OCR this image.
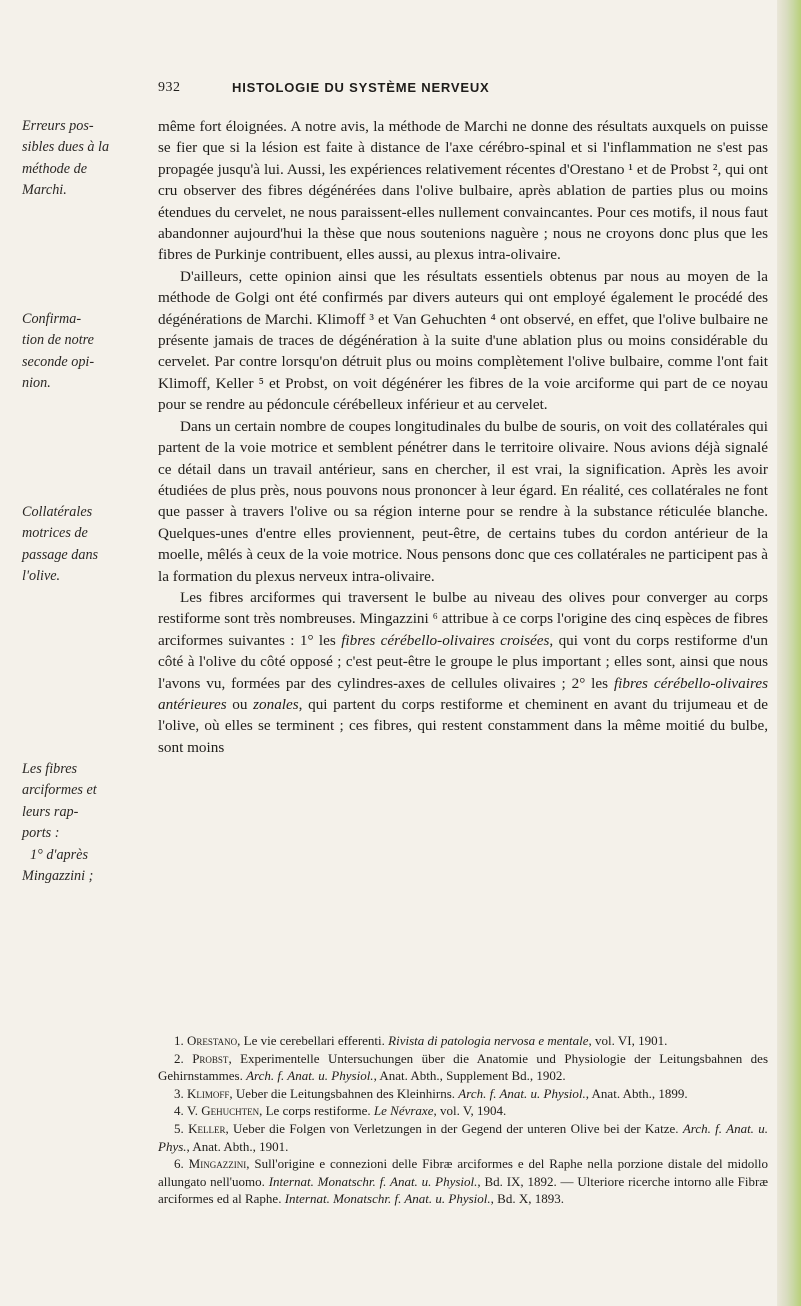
932	HISTOLOGIE DU SYSTÈME NERVEUX
Erreurs pos-
sibles dues à la
méthode de
Marchi.
Confirma-
tion de notre
seconde opi-
nion.
Collatérales
motrices de
passage dans
l'olive.
Les fibres
arciformes et
leurs rap-
ports :
1° d'après
Mingazzini ;

même fort éloignées. A notre avis, la méthode de Marchi ne donne des résultats auxquels on puisse se fier que si la lésion est faite à distance de l'axe cérébro-spinal et si l'inflammation ne s'est pas propagée jusqu'à lui. Aussi, les expériences relativement récentes d'Orestano ¹ et de Probst ², qui ont cru observer des fibres dégénérées dans l'olive bulbaire, après ablation de parties plus ou moins étendues du cervelet, ne nous paraissent-elles nullement convaincantes. Pour ces motifs, il nous faut abandonner aujourd'hui la thèse que nous soutenions naguère ; nous ne croyons donc plus que les fibres de Purkinje contribuent, elles aussi, au plexus intra-olivaire.

D'ailleurs, cette opinion ainsi que les résultats essentiels obtenus par nous au moyen de la méthode de Golgi ont été confirmés par divers auteurs qui ont employé également le procédé des dégénérations de Marchi. Klimoff ³ et Van Gehuchten ⁴ ont observé, en effet, que l'olive bulbaire ne présente jamais de traces de dégénération à la suite d'une ablation plus ou moins considérable du cervelet. Par contre lorsqu'on détruit plus ou moins complètement l'olive bulbaire, comme l'ont fait Klimoff, Keller ⁵ et Probst, on voit dégénérer les fibres de la voie arciforme qui part de ce noyau pour se rendre au pédoncule cérébelleux inférieur et au cervelet.

Dans un certain nombre de coupes longitudinales du bulbe de souris, on voit des collatérales qui partent de la voie motrice et semblent pénétrer dans le territoire olivaire. Nous avions déjà signalé ce détail dans un travail antérieur, sans en chercher, il est vrai, la signification. Après les avoir étudiées de plus près, nous pouvons nous prononcer à leur égard. En réalité, ces collatérales ne font que passer à travers l'olive ou sa région interne pour se rendre à la substance réticulée blanche. Quelques-unes d'entre elles proviennent, peut-être, de certains tubes du cordon antérieur de la moelle, mêlés à ceux de la voie motrice. Nous pensons donc que ces collatérales ne participent pas à la formation du plexus nerveux intra-olivaire.

Les fibres arciformes qui traversent le bulbe au niveau des olives pour converger au corps restiforme sont très nombreuses. Mingazzini ⁶ attribue à ce corps l'origine des cinq espèces de fibres arciformes suivantes : 1° les fibres cérébello-olivaires croisées, qui vont du corps restiforme d'un côté à l'olive du côté opposé ; c'est peut-être le groupe le plus important ; elles sont, ainsi que nous l'avons vu, formées par des cylindres-axes de cellules olivaires ; 2° les fibres cérébello-olivaires antérieures ou zonales, qui partent du corps restiforme et cheminent en avant du trijumeau et de l'olive, où elles se terminent ; ces fibres, qui restent constamment dans la même moitié du bulbe, sont moins

1. Orestano, Le vie cerebellari efferenti. Rivista di patologia nervosa e mentale, vol. VI, 1901.

2. Probst, Experimentelle Untersuchungen über die Anatomie und Physiologie der Leitungsbahnen des Gehirnstammes. Arch. f. Anat. u. Physiol., Anat. Abth., Supplement Bd., 1902.

3. Klimoff, Ueber die Leitungsbahnen des Kleinhirns. Arch. f. Anat. u. Physiol., Anat. Abth., 1899.

4. V. Gehuchten, Le corps restiforme. Le Névraxe, vol. V, 1904.

5. Keller, Ueber die Folgen von Verletzungen in der Gegend der unteren Olive bei der Katze. Arch. f. Anat. u. Phys., Anat. Abth., 1901.

6. Mingazzini, Sull'origine e connezioni delle Fibræ arciformes e del Raphe nella porzione distale del midollo allungato nell'uomo. Internat. Monatschr. f. Anat. u. Physiol., Bd. IX, 1892. — Ulteriore ricerche intorno alle Fibræ arciformes ed al Raphe. Internat. Monatschr. f. Anat. u. Physiol., Bd. X, 1893.
